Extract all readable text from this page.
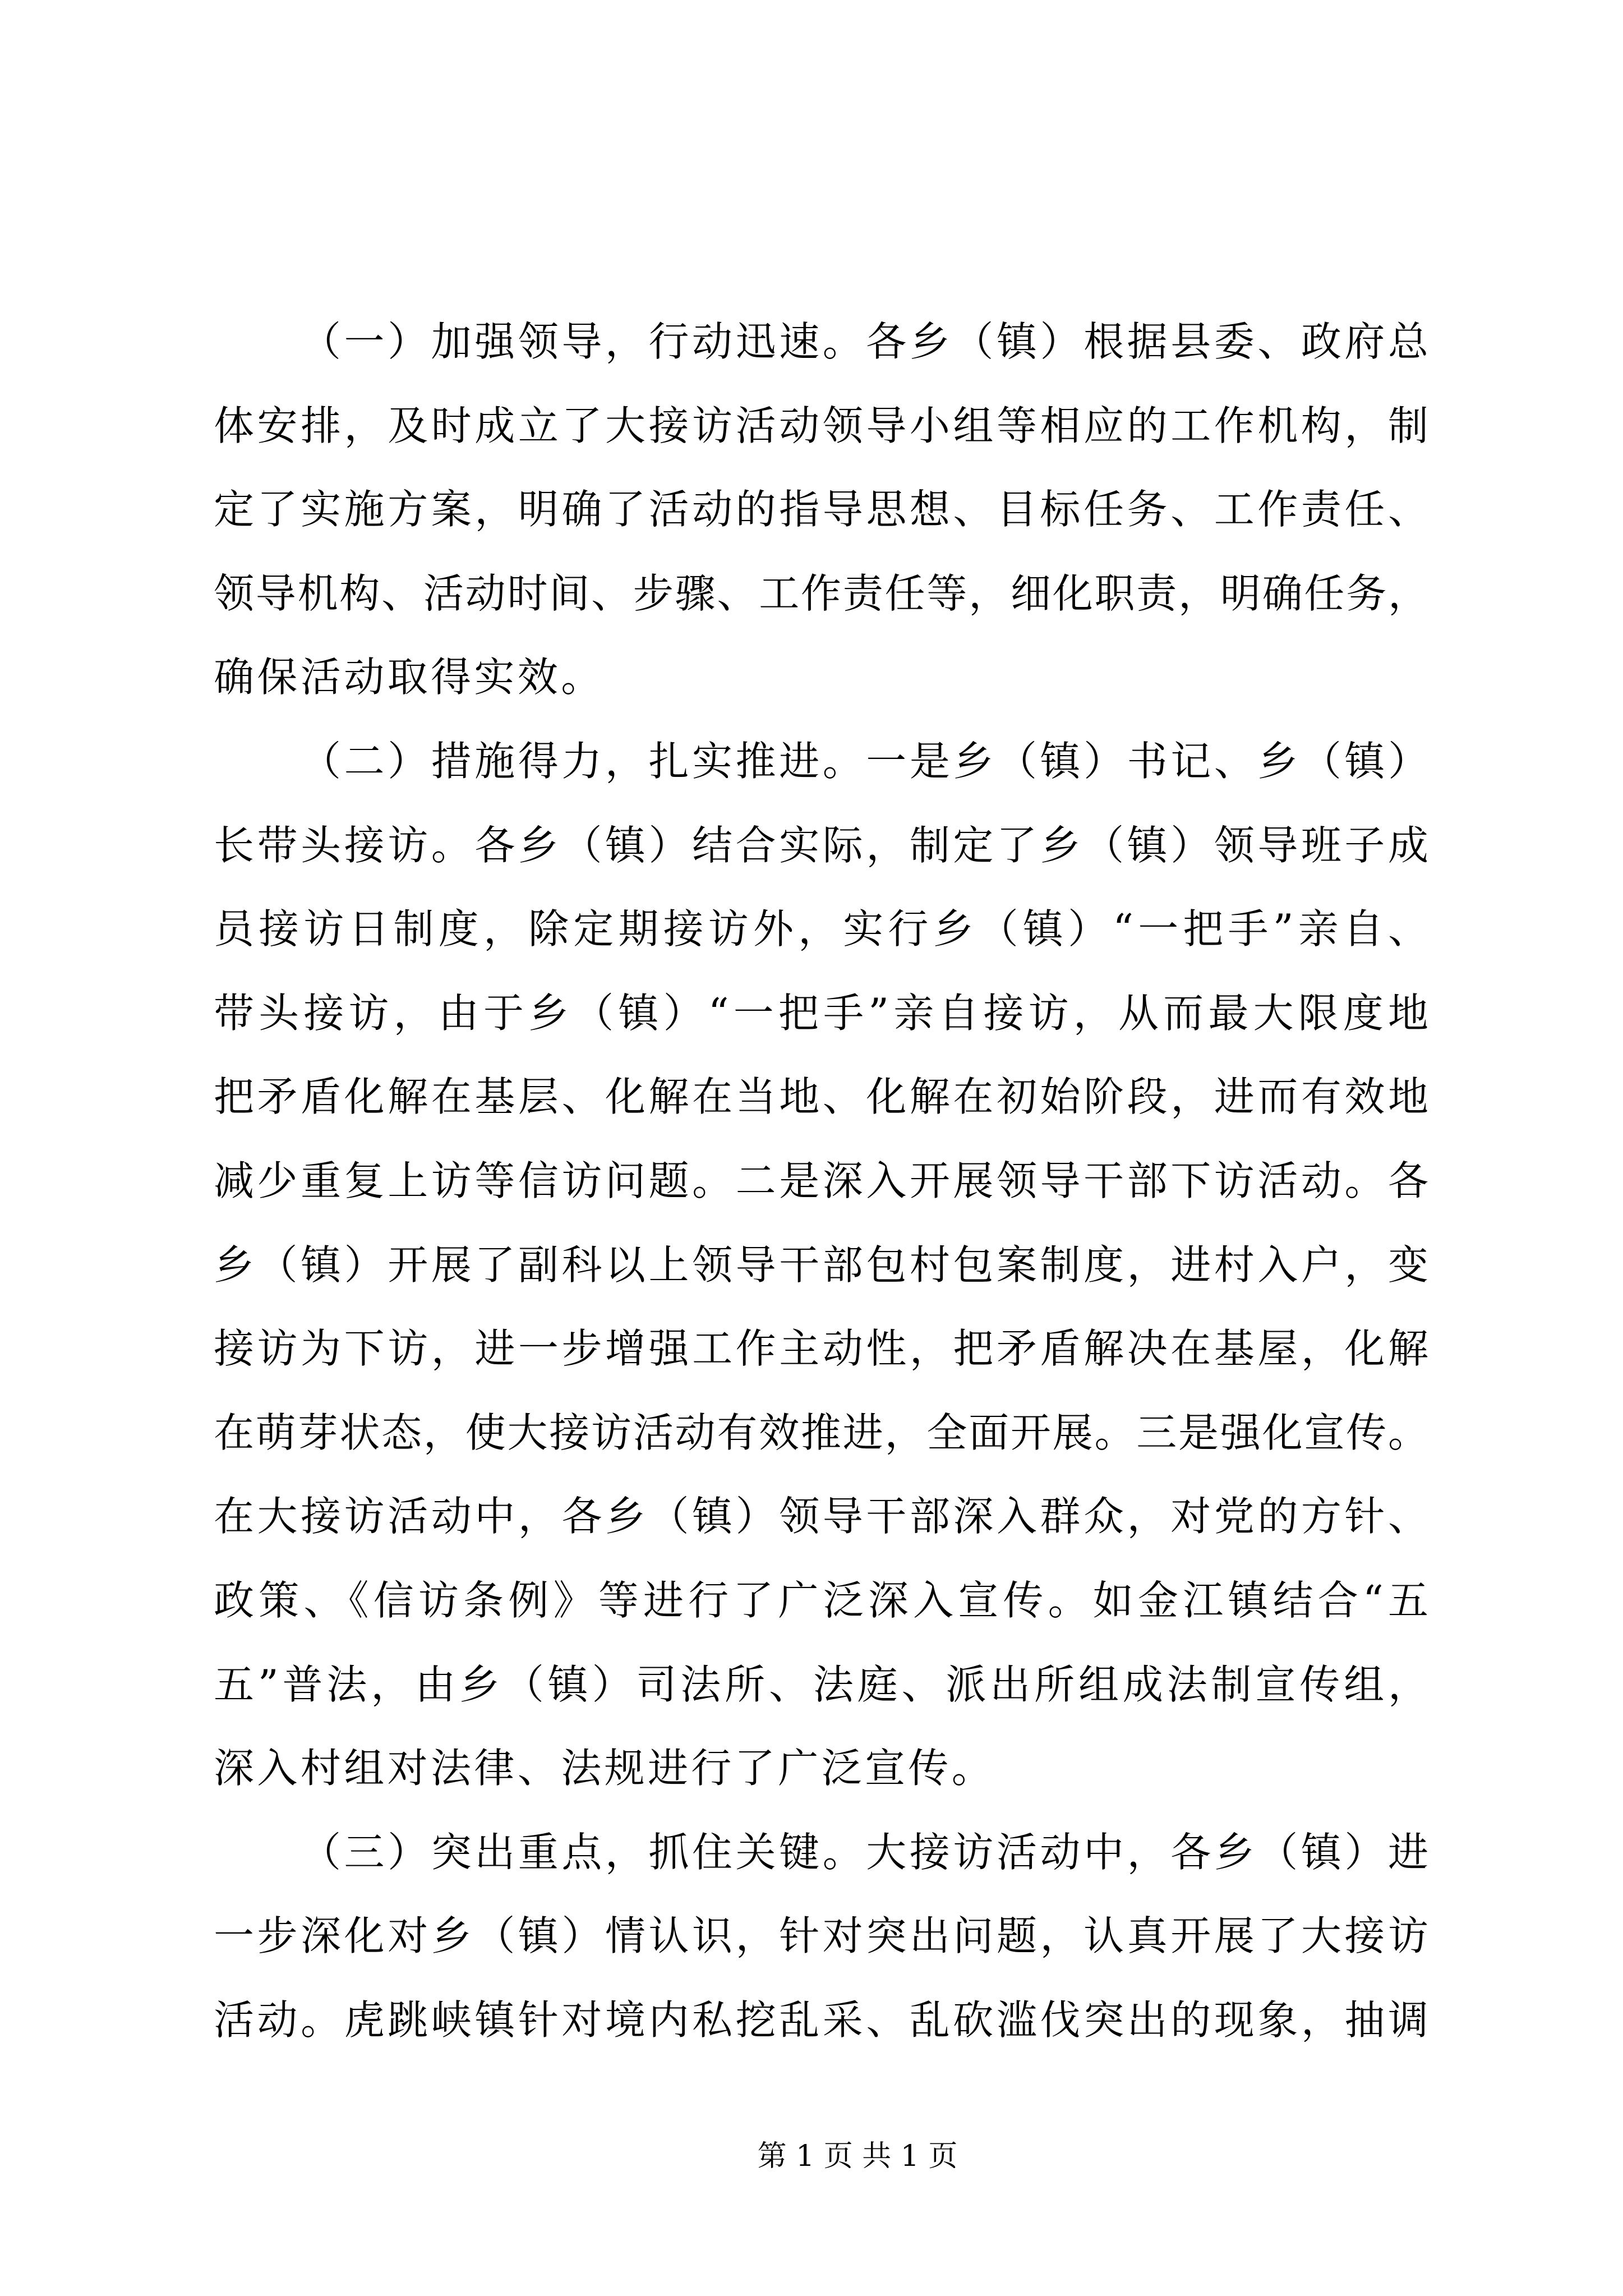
（一）加强领导，行动迅速。各乡（镇）根据县委、政府总
体安排，及时成立了大接访活动领导小组等相应的工作机构，制
定了实施方案，明确了活动的指导思想、目标任务、工作责任、
领导机构、活动时间、步骤、工作责任等，细化职责，明确任务，
确保活动取得实效。
（二）措施得力，扎实推进。一是乡（镇）书记、乡（镇）
长带头接访。各乡（镇）结合实际，制定了乡（镇）领导班子成
员接访日制度，除定期接访外，实行乡（镇）“一把手”亲自、
带头接访，由于乡（镇）“一把手”亲自接访，从而最大限度地
把矛盾化解在基层、化解在当地、化解在初始阶段，进而有效地
减少重复上访等信访问题。二是深入开展领导干部下访活动。各
乡（镇）开展了副科以上领导干部包村包案制度，进村入户，变
接访为下访，进一步增强工作主动性，把矛盾解决在基屋，化解
在萌芽状态，使大接访活动有效推进，全面开展。三是强化宣传。
在大接访活动中，各乡（镇）领导干部深入群众，对党的方针、
政策、《信访条例》等进行了广泛深入宣传。如金江镇结合“五
五”普法，由乡（镇）司法所、法庭、派出所组成法制宣传组，
深入村组对法律、法规进行了广泛宣传。
（三）突出重点，抓住关键。大接访活动中，各乡（镇）进
一步深化对乡（镇）情认识，针对突出问题，认真开展了大接访
活动。虎跳峡镇针对境内私挖乱采、乱砍滥伐突出的现象，抽调
第 1 页 共 1 页
